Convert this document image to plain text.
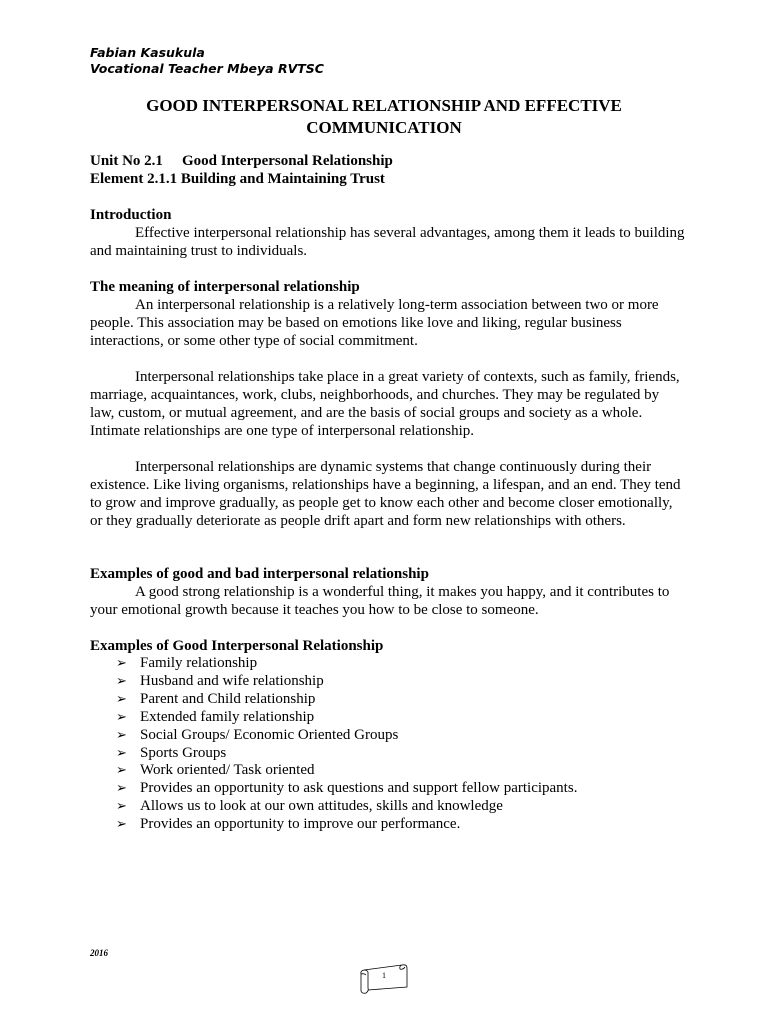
Fabian Kasukula
Vocational Teacher Mbeya RVTSC
GOOD INTERPERSONAL RELATIONSHIP AND EFFECTIVE COMMUNICATION

Unit No 2.1 Good Interpersonal Relationship

Element 2.1.1 Building and Maintaining Trust

Introduction

Effective interpersonal relationship has several advantages, among them it leads to building and maintaining trust to individuals.

The meaning of interpersonal relationship

An interpersonal relationship is a relatively long-term association between two or more people. This association may be based on emotions like love and liking, regular business interactions, or some other type of social commitment.

Interpersonal relationships take place in a great variety of contexts, such as family, friends, marriage, acquaintances, work, clubs, neighborhoods, and churches. They may be regulated by law, custom, or mutual agreement, and are the basis of social groups and society as a whole. Intimate relationships are one type of interpersonal relationship.

Interpersonal relationships are dynamic systems that change continuously during their existence. Like living organisms, relationships have a beginning, a lifespan, and an end. They tend to grow and improve gradually, as people get to know each other and become closer emotionally, or they gradually deteriorate as people drift apart and form new relationships with others.

Examples of good and bad interpersonal relationship

A good strong relationship is a wonderful thing, it makes you happy, and it contributes to your emotional growth because it teaches you how to be close to someone.

Examples of Good Interpersonal Relationship

➢ Family relationship
➢ Husband and wife relationship
➢ Parent and Child relationship
➢ Extended family relationship
➢ Social Groups/ Economic Oriented Groups
➢ Sports Groups
➢ Work oriented/ Task oriented
➢ Provides an opportunity to ask questions and support fellow participants.
➢ Allows us to look at our own attitudes, skills and knowledge
➢ Provides an opportunity to improve our performance.
2016
1
